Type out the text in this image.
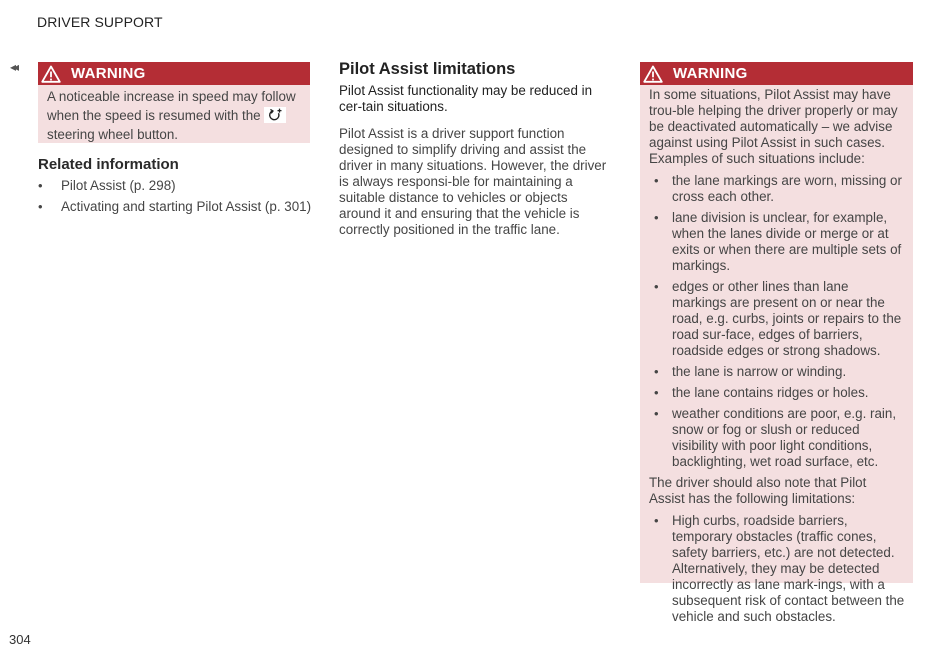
DRIVER SUPPORT
◂◂	WARNING
A noticeable increase in speed may follow when the speed is resumed with the  steering wheel button.
Related information
• Pilot Assist (p. 298)
• Activating and starting Pilot Assist (p. 301)
Pilot Assist limitations

Pilot Assist functionality may be reduced in cer-tain situations.

Pilot Assist is a driver support function designed to simplify driving and assist the driver in many situations. However, the driver is always responsi-ble for maintaining a suitable distance to vehicles or objects around it and ensuring that the vehicle is correctly positioned in the traffic lane.

WARNING

In some situations, Pilot Assist may have trou-ble helping the driver properly or may be deactivated automatically – we advise against using Pilot Assist in such cases. Examples of such situations include:

• the lane markings are worn, missing or cross each other.
• lane division is unclear, for example, when the lanes divide or merge or at exits or when there are multiple sets of markings.
• edges or other lines than lane markings are present on or near the road, e.g. curbs, joints or repairs to the road sur-face, edges of barriers, roadside edges or strong shadows.
• the lane is narrow or winding.
• the lane contains ridges or holes.
• weather conditions are poor, e.g. rain, snow or fog or slush or reduced visibility with poor light conditions, backlighting, wet road surface, etc.

The driver should also note that Pilot Assist has the following limitations:

• High curbs, roadside barriers, temporary obstacles (traffic cones, safety barriers, etc.) are not detected. Alternatively, they may be detected incorrectly as lane mark-ings, with a subsequent risk of contact between the vehicle and such obstacles.
304
